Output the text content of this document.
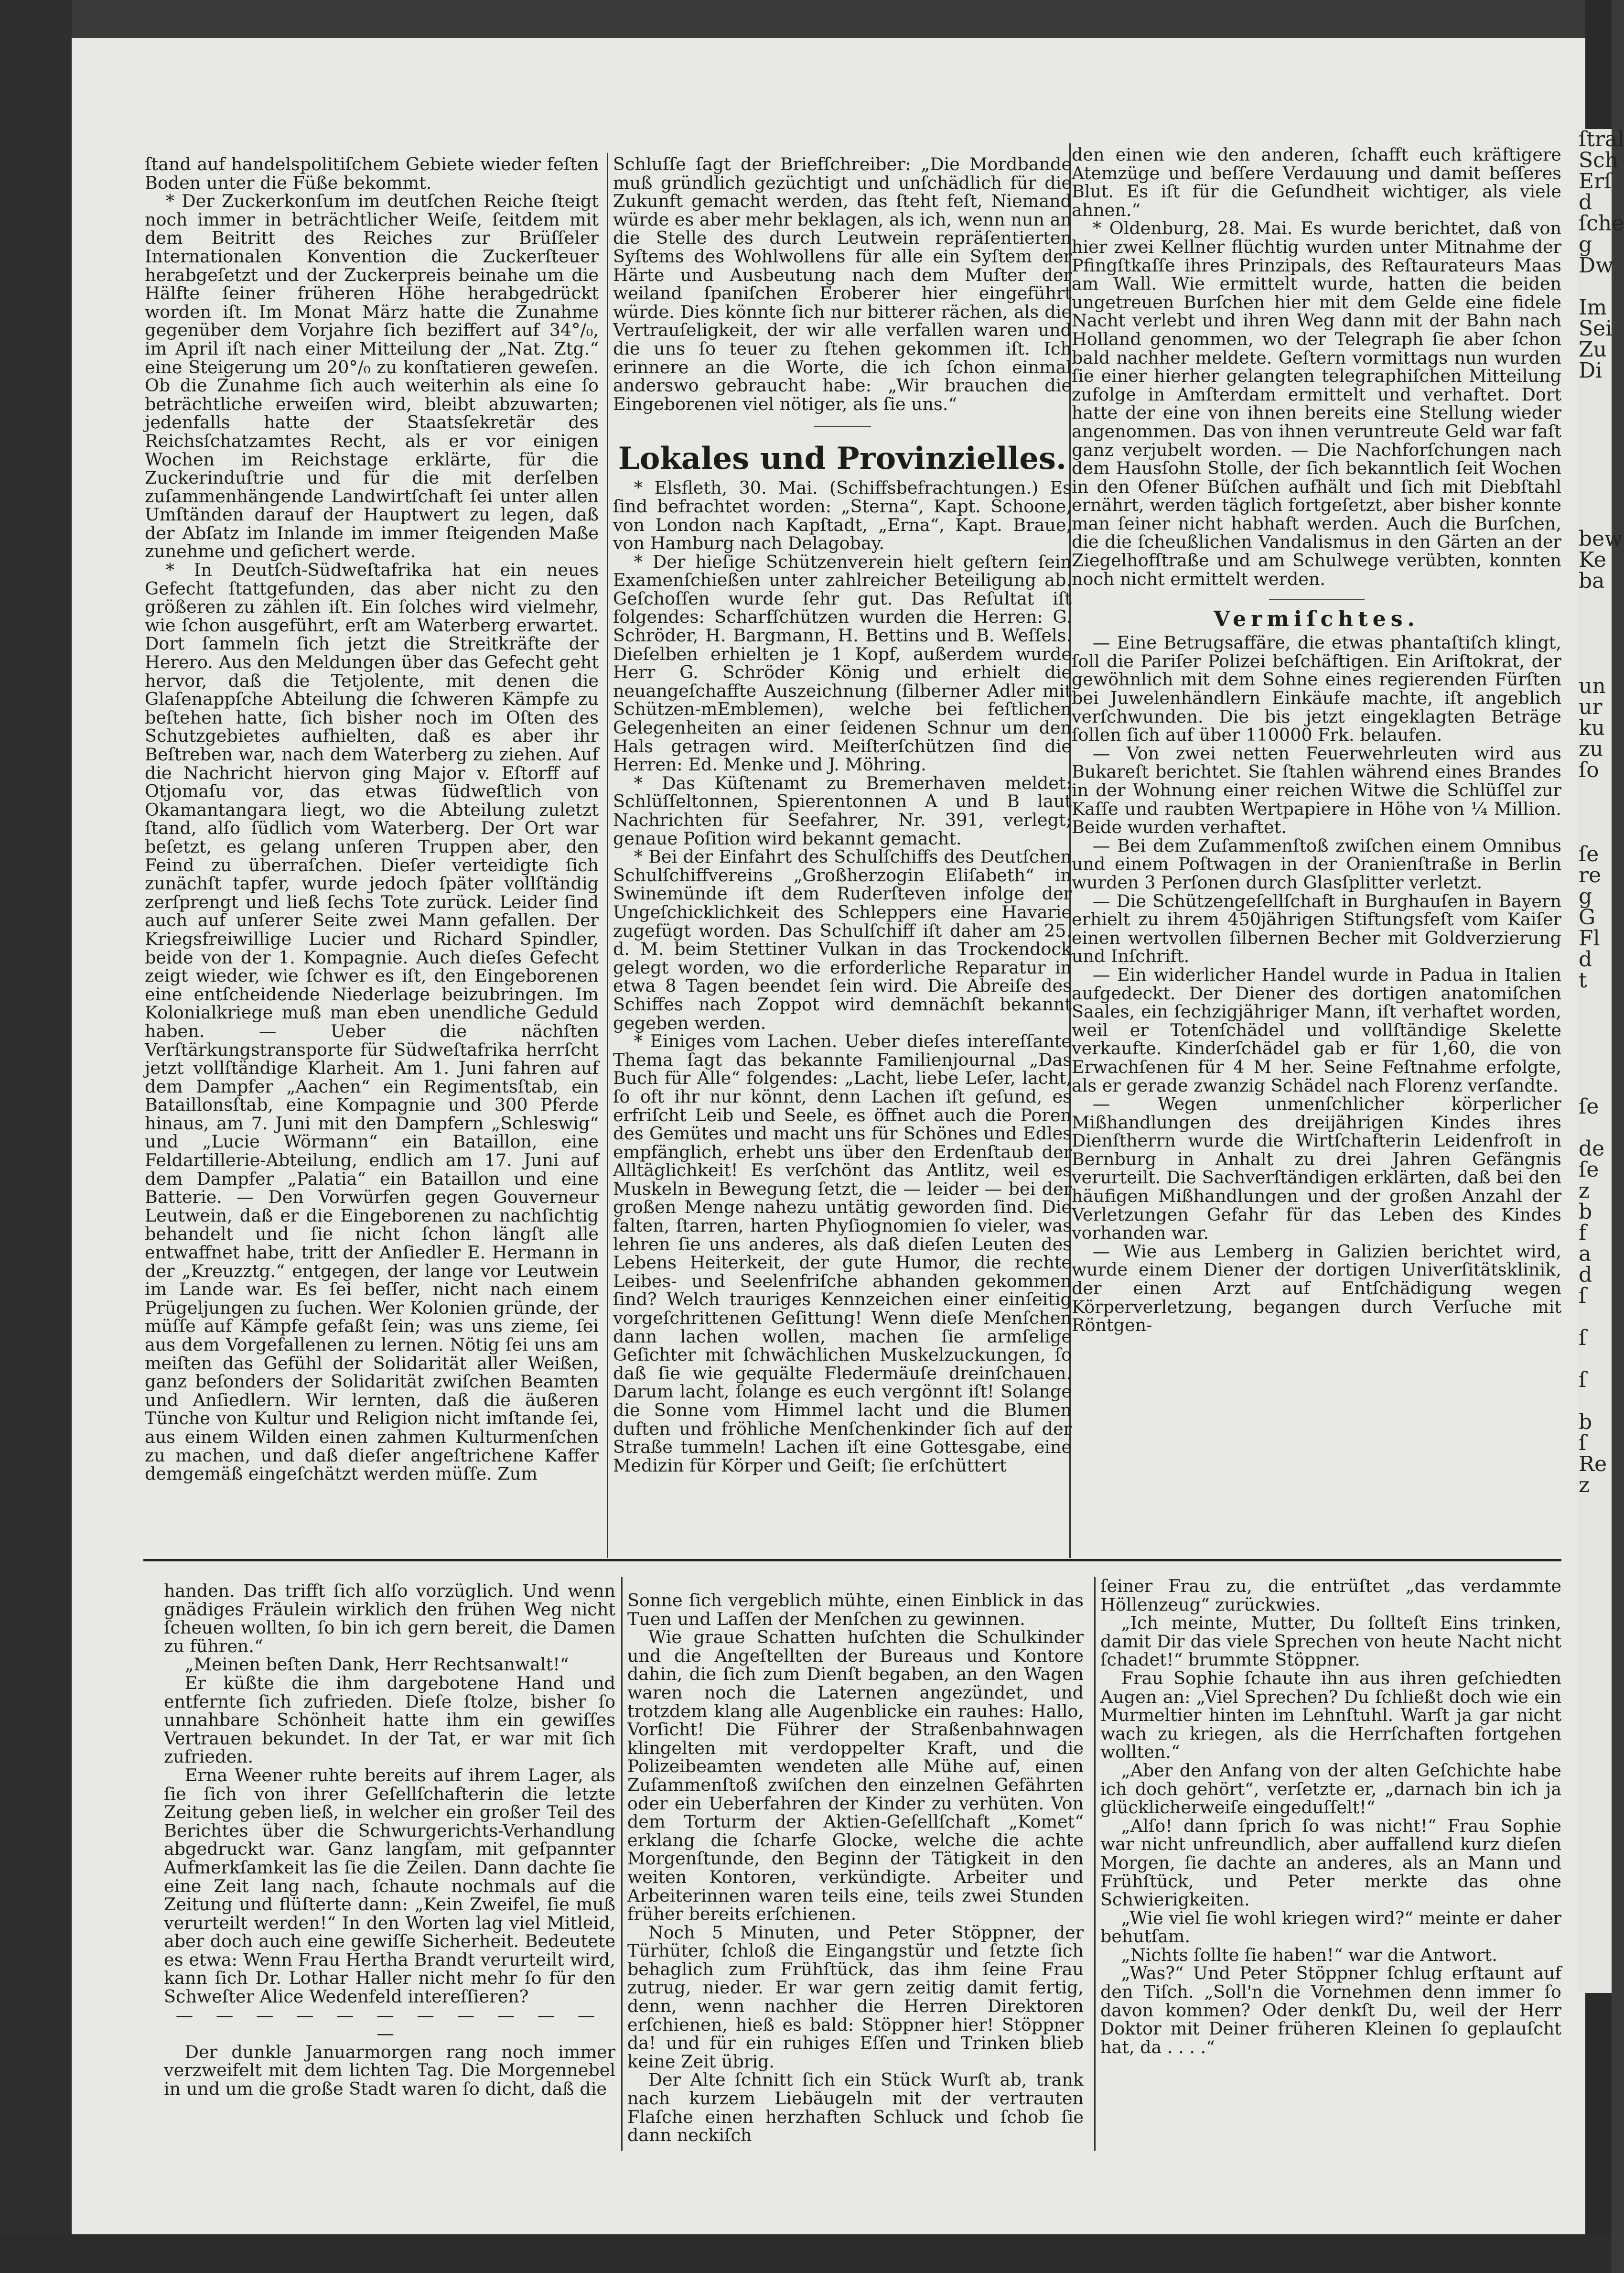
ſtral
Sch
Erſ
d
ſche
g
Dw

Im
Sei
Zu
Di

bew
Ke
ba

un
ur
ku
zu
ſo

ſe
re
g
G
Fl
d
t

ſe

de
ſe
z
b
f
a
d
ſ

ſ

ſ

b
ſ
Re
z

ſtand auf handelspolitiſchem Gebiete wieder feſten Boden unter die Füße bekommt.

* Der Zuckerkonſum im deutſchen Reiche ſteigt noch immer in beträchtlicher Weiſe, ſeitdem mit dem Beitritt des Reiches zur Brüſſeler Internationalen Konvention die Zuckerſteuer herabgeſetzt und der Zuckerpreis beinahe um die Hälfte ſeiner früheren Höhe herabgedrückt worden iſt. Im Monat März hatte die Zunahme gegenüber dem Vorjahre ſich beziffert auf 34°/₀, im April iſt nach einer Mitteilung der „Nat. Ztg.“ eine Steigerung um 20°/₀ zu konſtatieren geweſen. Ob die Zunahme ſich auch weiterhin als eine ſo beträchtliche erweiſen wird, bleibt abzuwarten; jedenfalls hatte der Staatsſekretär des Reichsſchatzamtes Recht, als er vor einigen Wochen im Reichstage erklärte, für die Zuckerinduſtrie und für die mit derſelben zuſammenhängende Landwirtſchaft ſei unter allen Umſtänden darauf der Hauptwert zu legen, daß der Abſatz im Inlande im immer ſteigenden Maße zunehme und geſichert werde.

* In Deutſch-Südweſtafrika hat ein neues Gefecht ſtattgefunden, das aber nicht zu den größeren zu zählen iſt. Ein ſolches wird vielmehr, wie ſchon ausgeführt, erſt am Waterberg erwartet. Dort ſammeln ſich jetzt die Streitkräfte der Herero. Aus den Meldungen über das Gefecht geht hervor, daß die Tetjolente, mit denen die Glaſenappſche Abteilung die ſchweren Kämpfe zu beſtehen hatte, ſich bisher noch im Oſten des Schutzgebietes aufhielten, daß es aber ihr Beſtreben war, nach dem Waterberg zu ziehen. Auf die Nachricht hiervon ging Major v. Eſtorff auf Otjomaſu vor, das etwas ſüdweſtlich von Okamantangara liegt, wo die Abteilung zuletzt ſtand, alſo ſüdlich vom Waterberg. Der Ort war beſetzt, es gelang unſeren Truppen aber, den Feind zu überraſchen. Dieſer verteidigte ſich zunächſt tapfer, wurde jedoch ſpäter vollſtändig zerſprengt und ließ ſechs Tote zurück. Leider ſind auch auf unſerer Seite zwei Mann gefallen. Der Kriegsfreiwillige Lucier und Richard Spindler, beide von der 1. Kompagnie. Auch dieſes Gefecht zeigt wieder, wie ſchwer es iſt, den Eingeborenen eine entſcheidende Niederlage beizubringen. Im Kolonialkriege muß man eben unendliche Geduld haben. — Ueber die nächſten Verſtärkungstransporte für Südweſtafrika herrſcht jetzt vollſtändige Klarheit. Am 1. Juni fahren auf dem Dampfer „Aachen“ ein Regimentsſtab, ein Bataillonsſtab, eine Kompagnie und 300 Pferde hinaus, am 7. Juni mit den Dampfern „Schleswig“ und „Lucie Wörmann“ ein Bataillon, eine Feldartillerie-Abteilung, endlich am 17. Juni auf dem Dampfer „Palatia“ ein Bataillon und eine Batterie. — Den Vorwürfen gegen Gouverneur Leutwein, daß er die Eingeborenen zu nachſichtig behandelt und ſie nicht ſchon längſt alle entwaffnet habe, tritt der Anſiedler E. Hermann in der „Kreuzztg.“ entgegen, der lange vor Leutwein im Lande war. Es ſei beſſer, nicht nach einem Prügeljungen zu ſuchen. Wer Kolonien gründe, der müſſe auf Kämpfe gefaßt ſein; was uns zieme, ſei aus dem Vorgefallenen zu lernen. Nötig ſei uns am meiſten das Gefühl der Solidarität aller Weißen, ganz beſonders der Solidarität zwiſchen Beamten und Anſiedlern. Wir lernten, daß die äußeren Tünche von Kultur und Religion nicht imſtande ſei, aus einem Wilden einen zahmen Kulturmenſchen zu machen, und daß dieſer angeſtrichene Kaffer demgemäß eingeſchätzt werden müſſe. Zum

Schluſſe ſagt der Briefſchreiber: „Die Mordbande muß gründlich gezüchtigt und unſchädlich für die Zukunft gemacht werden, das ſteht feſt, Niemand würde es aber mehr beklagen, als ich, wenn nun an die Stelle des durch Leutwein repräſentierten Syſtems des Wohlwollens für alle ein Syſtem der Härte und Ausbeutung nach dem Muſter der weiland ſpaniſchen Eroberer hier eingeführt würde. Dies könnte ſich nur bitterer rächen, als die Vertrauſeligkeit, der wir alle verfallen waren und die uns ſo teuer zu ſtehen gekommen iſt. Ich erinnere an die Worte, die ich ſchon einmal anderswo gebraucht habe: „Wir brauchen die Eingeborenen viel nötiger, als ſie uns.“

Lokales und Provinzielles.

* Elsfleth, 30. Mai. (Schiffsbefrachtungen.) Es ſind befrachtet worden: „Sterna“, Kapt. Schoone, von London nach Kapſtadt, „Erna“, Kapt. Braue, von Hamburg nach Delagobay.

* Der hieſige Schützenverein hielt geſtern ſein Examenſchießen unter zahlreicher Beteiligung ab. Geſchoſſen wurde ſehr gut. Das Reſultat iſt folgendes: Scharfſchützen wurden die Herren: G. Schröder, H. Bargmann, H. Bettins und B. Weſſels. Dieſelben erhielten je 1 Kopf, außerdem wurde Herr G. Schröder König und erhielt die neuangeſchaffte Auszeichnung (ſilberner Adler mit Schützen-mEmblemen), welche bei feſtlichen Gelegenheiten an einer ſeidenen Schnur um den Hals getragen wird. Meiſterſchützen ſind die Herren: Ed. Menke und J. Möhring.

* Das Küſtenamt zu Bremerhaven meldet: Schlüſſeltonnen, Spierentonnen A und B laut Nachrichten für Seefahrer, Nr. 391, verlegt; genaue Poſition wird bekannt gemacht.

* Bei der Einfahrt des Schulſchiffs des Deutſchen Schulſchiffvereins „Großherzogin Eliſabeth“ in Swinemünde iſt dem Ruderſteven infolge der Ungeſchicklichkeit des Schleppers eine Havarie zugefügt worden. Das Schulſchiff iſt daher am 25. d. M. beim Stettiner Vulkan in das Trockendock gelegt worden, wo die erforderliche Reparatur in etwa 8 Tagen beendet ſein wird. Die Abreiſe des Schiffes nach Zoppot wird demnächſt bekannt gegeben werden.

* Einiges vom Lachen. Ueber dieſes intereſſante Thema ſagt das bekannte Familienjournal „Das Buch für Alle“ folgendes: „Lacht, liebe Leſer, lacht, ſo oft ihr nur könnt, denn Lachen iſt geſund, es erfriſcht Leib und Seele, es öffnet auch die Poren des Gemütes und macht uns für Schönes und Edles empfänglich, erhebt uns über den Erdenſtaub der Alltäglichkeit! Es verſchönt das Antlitz, weil es Muskeln in Bewegung ſetzt, die — leider — bei der großen Menge nahezu untätig geworden ſind. Die falten, ſtarren, harten Phyſiognomien ſo vieler, was lehren ſie uns anderes, als daß dieſen Leuten des Lebens Heiterkeit, der gute Humor, die rechte Leibes- und Seelenfriſche abhanden gekommen ſind? Welch trauriges Kennzeichen einer einſeitig vorgeſchrittenen Geſittung! Wenn dieſe Menſchen dann lachen wollen, machen ſie armſelige Geſichter mit ſchwächlichen Muskelzuckungen, ſo daß ſie wie gequälte Fledermäuſe dreinſchauen. Darum lacht, ſolange es euch vergönnt iſt! Solange die Sonne vom Himmel lacht und die Blumen duften und fröhliche Menſchenkinder ſich auf der Straße tummeln! Lachen iſt eine Gottesgabe, eine Medizin für Körper und Geiſt; ſie erſchüttert

den einen wie den anderen, ſchafft euch kräftigere Atemzüge und beſſere Verdauung und damit beſſeres Blut. Es iſt für die Geſundheit wichtiger, als viele ahnen.“

* Oldenburg, 28. Mai. Es wurde berichtet, daß von hier zwei Kellner flüchtig wurden unter Mitnahme der Pfingſtkaſſe ihres Prinzipals, des Reſtaurateurs Maas am Wall. Wie ermittelt wurde, hatten die beiden ungetreuen Burſchen hier mit dem Gelde eine fidele Nacht verlebt und ihren Weg dann mit der Bahn nach Holland genommen, wo der Telegraph ſie aber ſchon bald nachher meldete. Geſtern vormittags nun wurden ſie einer hierher gelangten telegraphiſchen Mitteilung zufolge in Amſterdam ermittelt und verhaftet. Dort hatte der eine von ihnen bereits eine Stellung wieder angenommen. Das von ihnen veruntreute Geld war faſt ganz verjubelt worden. — Die Nachforſchungen nach dem Hausſohn Stolle, der ſich bekanntlich ſeit Wochen in den Ofener Büſchen aufhält und ſich mit Diebſtahl ernährt, werden täglich fortgeſetzt, aber bisher konnte man ſeiner nicht habhaft werden. Auch die Burſchen, die die ſcheußlichen Vandalismus in den Gärten an der Ziegelhofſtraße und am Schulwege verübten, konnten noch nicht ermittelt werden.

Vermiſchtes.

— Eine Betrugsaffäre, die etwas phantaſtiſch klingt, ſoll die Pariſer Polizei beſchäftigen. Ein Ariſtokrat, der gewöhnlich mit dem Sohne eines regierenden Fürſten bei Juwelenhändlern Einkäufe machte, iſt angeblich verſchwunden. Die bis jetzt eingeklagten Beträge ſollen ſich auf über 110000 Frk. belaufen.

— Von zwei netten Feuerwehrleuten wird aus Bukareſt berichtet. Sie ſtahlen während eines Brandes in der Wohnung einer reichen Witwe die Schlüſſel zur Kaſſe und raubten Wertpapiere in Höhe von ¼ Million. Beide wurden verhaftet.

— Bei dem Zuſammenſtoß zwiſchen einem Omnibus und einem Poſtwagen in der Oranienſtraße in Berlin wurden 3 Perſonen durch Glasſplitter verletzt.

— Die Schützengeſellſchaft in Burghauſen in Bayern erhielt zu ihrem 450jährigen Stiftungsfeſt vom Kaiſer einen wertvollen ſilbernen Becher mit Goldverzierung und Inſchrift.

— Ein widerlicher Handel wurde in Padua in Italien aufgedeckt. Der Diener des dortigen anatomiſchen Saales, ein ſechzigjähriger Mann, iſt verhaftet worden, weil er Totenſchädel und vollſtändige Skelette verkaufte. Kinderſchädel gab er für 1,60, die von Erwachſenen für 4 M her. Seine Feſtnahme erfolgte, als er gerade zwanzig Schädel nach Florenz verſandte.

— Wegen unmenſchlicher körperlicher Mißhandlungen des dreijährigen Kindes ihres Dienſtherrn wurde die Wirtſchafterin Leidenfroſt in Bernburg in Anhalt zu drei Jahren Gefängnis verurteilt. Die Sachverſtändigen erklärten, daß bei den häufigen Mißhandlungen und der großen Anzahl der Verletzungen Gefahr für das Leben des Kindes vorhanden war.

— Wie aus Lemberg in Galizien berichtet wird, wurde einem Diener der dortigen Univerſitätsklinik, der einen Arzt auf Entſchädigung wegen Körperverletzung, begangen durch Verſuche mit Röntgen-

handen. Das trifft ſich alſo vorzüglich. Und wenn gnädiges Fräulein wirklich den frühen Weg nicht ſcheuen wollten, ſo bin ich gern bereit, die Damen zu führen.“

„Meinen beſten Dank, Herr Rechtsanwalt!“

Er küßte die ihm dargebotene Hand und entfernte ſich zufrieden. Dieſe ſtolze, bisher ſo unnahbare Schönheit hatte ihm ein gewiſſes Vertrauen bekundet. In der Tat, er war mit ſich zufrieden.

Erna Weener ruhte bereits auf ihrem Lager, als ſie ſich von ihrer Geſellſchafterin die letzte Zeitung geben ließ, in welcher ein großer Teil des Berichtes über die Schwurgerichts-Verhandlung abgedruckt war. Ganz langſam, mit geſpannter Aufmerkſamkeit las ſie die Zeilen. Dann dachte ſie eine Zeit lang nach, ſchaute nochmals auf die Zeitung und flüſterte dann: „Kein Zweifel, ſie muß verurteilt werden!“ In den Worten lag viel Mitleid, aber doch auch eine gewiſſe Sicherheit. Bedeutete es etwa: Wenn Frau Hertha Brandt verurteilt wird, kann ſich Dr. Lothar Haller nicht mehr ſo für den Schweſter Alice Wedenfeld intereſſieren?

— — — — — — — — — — — —

Der dunkle Januarmorgen rang noch immer verzweifelt mit dem lichten Tag. Die Morgennebel in und um die große Stadt waren ſo dicht, daß die

Sonne ſich vergeblich mühte, einen Einblick in das Tuen und Laſſen der Menſchen zu gewinnen.

Wie graue Schatten huſchten die Schulkinder und die Angeſtellten der Bureaus und Kontore dahin, die ſich zum Dienſt begaben, an den Wagen waren noch die Laternen angezündet, und trotzdem klang alle Augenblicke ein rauhes: Hallo, Vorſicht! Die Führer der Straßenbahnwagen klingelten mit verdoppelter Kraft, und die Polizeibeamten wendeten alle Mühe auf, einen Zuſammenſtoß zwiſchen den einzelnen Gefährten oder ein Ueberfahren der Kinder zu verhüten. Von dem Torturm der Aktien-Geſellſchaft „Komet“ erklang die ſcharfe Glocke, welche die achte Morgenſtunde, den Beginn der Tätigkeit in den weiten Kontoren, verkündigte. Arbeiter und Arbeiterinnen waren teils eine, teils zwei Stunden früher bereits erſchienen.

Noch 5 Minuten, und Peter Stöppner, der Türhüter, ſchloß die Eingangstür und ſetzte ſich behaglich zum Frühſtück, das ihm ſeine Frau zutrug, nieder. Er war gern zeitig damit fertig, denn, wenn nachher die Herren Direktoren erſchienen, hieß es bald: Stöppner hier! Stöppner da! und für ein ruhiges Eſſen und Trinken blieb keine Zeit übrig.

Der Alte ſchnitt ſich ein Stück Wurſt ab, trank nach kurzem Liebäugeln mit der vertrauten Flaſche einen herzhaften Schluck und ſchob ſie dann neckiſch

ſeiner Frau zu, die entrüſtet „das verdammte Höllenzeug“ zurückwies.

„Ich meinte, Mutter, Du ſollteſt Eins trinken, damit Dir das viele Sprechen von heute Nacht nicht ſchadet!“ brummte Stöppner.

Frau Sophie ſchaute ihn aus ihren geſchiedten Augen an: „Viel Sprechen? Du ſchließt doch wie ein Murmeltier hinten im Lehnſtuhl. Warſt ja gar nicht wach zu kriegen, als die Herrſchaften fortgehen wollten.“

„Aber den Anfang von der alten Geſchichte habe ich doch gehört“, verſetzte er, „darnach bin ich ja glücklicherweiſe eingeduſſelt!“

„Alſo! dann ſprich ſo was nicht!“ Frau Sophie war nicht unfreundlich, aber auffallend kurz dieſen Morgen, ſie dachte an anderes, als an Mann und Frühſtück, und Peter merkte das ohne Schwierigkeiten.

„Wie viel ſie wohl kriegen wird?“ meinte er daher behutſam.

„Nichts ſollte ſie haben!“ war die Antwort.

„Was?“ Und Peter Stöppner ſchlug erſtaunt auf den Tiſch. „Soll'n die Vornehmen denn immer ſo davon kommen? Oder denkſt Du, weil der Herr Doktor mit Deiner früheren Kleinen ſo geplauſcht hat, da . . . .“
